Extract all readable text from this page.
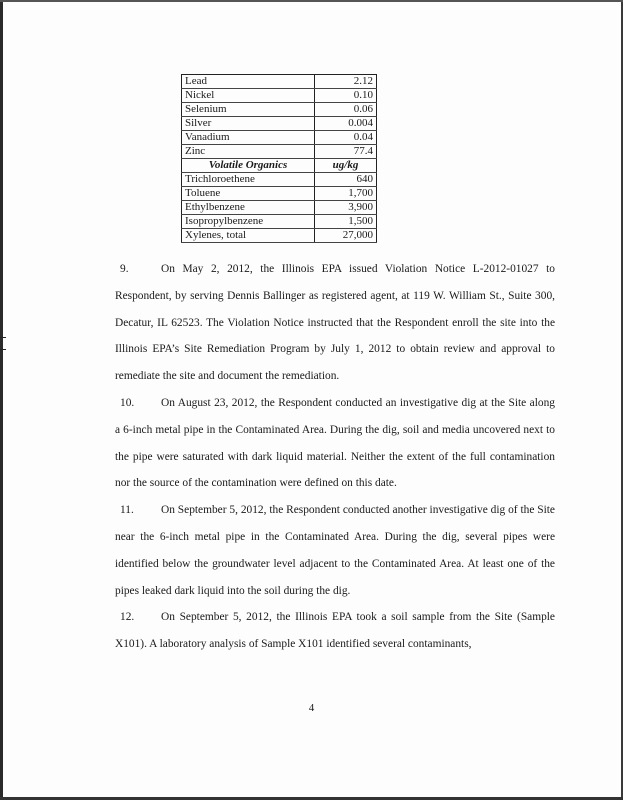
Lead	2.12
Nickel	0.10
Selenium	0.06
Silver	0.004
Vanadium	0.04
Zinc	77.4
Volatile Organics	ug/kg
Trichloroethene	640
Toluene	1,700
Ethylbenzene	3,900
Isopropylbenzene	1,500
Xylenes, total	27,000

9.	On May 2, 2012, the Illinois EPA issued Violation Notice L-2012-01027 to Respondent, by serving Dennis Ballinger as registered agent, at 119 W. William St., Suite 300, Decatur, IL 62523. The Violation Notice instructed that the Respondent enroll the site into the Illinois EPA’s Site Remediation Program by July 1, 2012 to obtain review and approval to remediate the site and document the remediation.

10. On August 23, 2012, the Respondent conducted an investigative dig at the Site along a 6-inch metal pipe in the Contaminated Area. During the dig, soil and media uncovered next to the pipe were saturated with dark liquid material. Neither the extent of the full contamination nor the source of the contamination were defined on this date.

11. On September 5, 2012, the Respondent conducted another investigative dig of the Site near the 6-inch metal pipe in the Contaminated Area. During the dig, several pipes were identified below the groundwater level adjacent to the Contaminated Area. At least one of the pipes leaked dark liquid into the soil during the dig.

12. On September 5, 2012, the Illinois EPA took a soil sample from the Site (Sample X101). A laboratory analysis of Sample X101 identified several contaminants,

4
